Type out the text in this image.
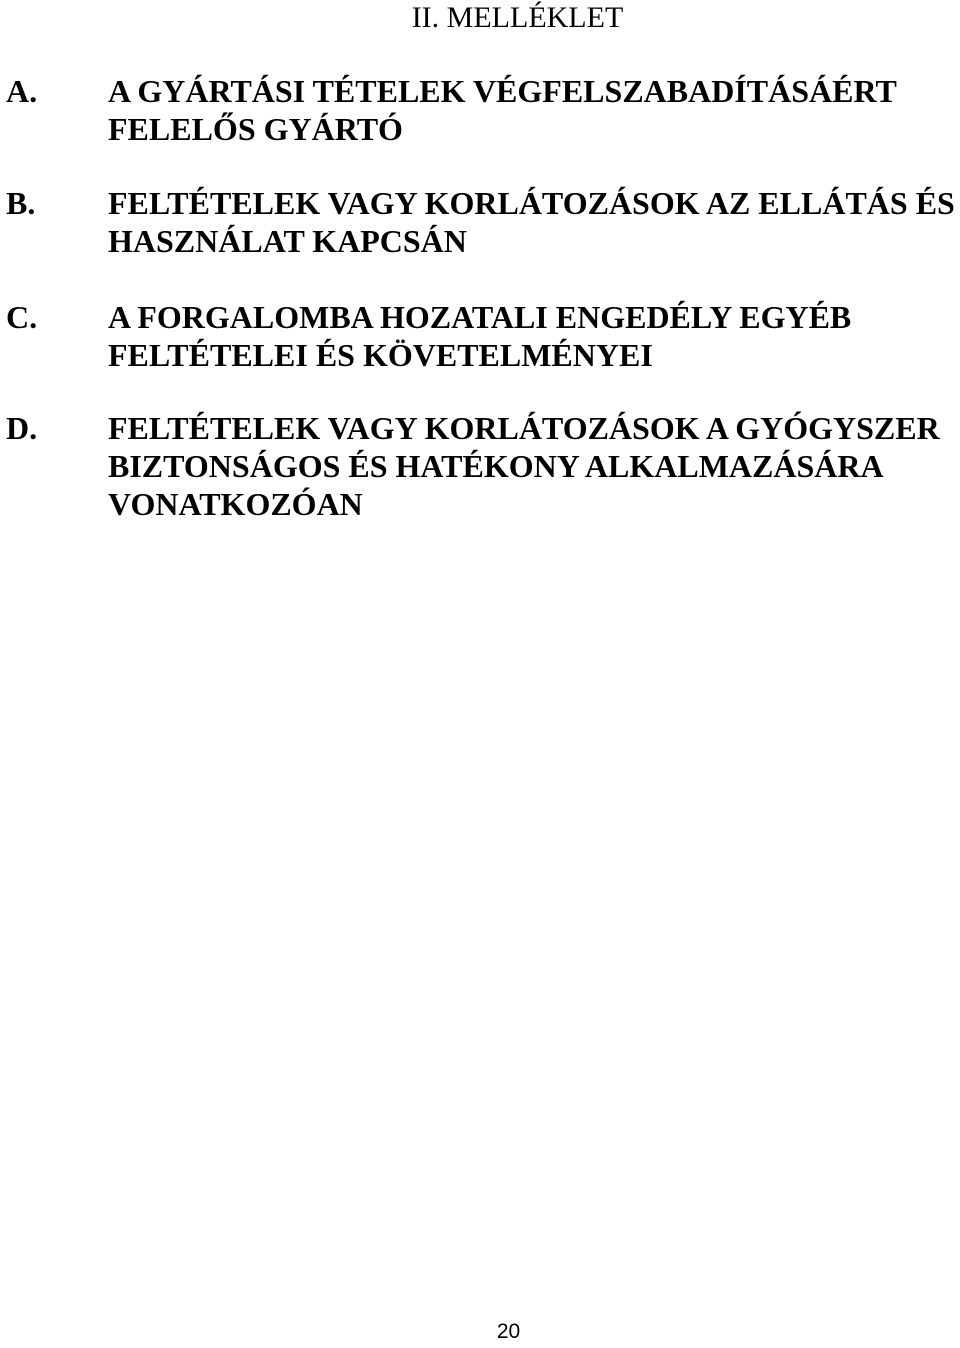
II. MELLÉKLET
A. A GYÁRTÁSI TÉTELEK VÉGFELSZABADÍTÁSÁÉRT
FELELŐS GYÁRTÓ
B. FELTÉTELEK VAGY KORLÁTOZÁSOK AZ ELLÁTÁS ÉS
HASZNÁLAT KAPCSÁN
C. A FORGALOMBA HOZATALI ENGEDÉLY EGYÉB
FELTÉTELEI ÉS KÖVETELMÉNYEI
D. FELTÉTELEK VAGY KORLÁTOZÁSOK A GYÓGYSZER
BIZTONSÁGOS ÉS HATÉKONY ALKALMAZÁSÁRA
VONATKOZÓAN
20
